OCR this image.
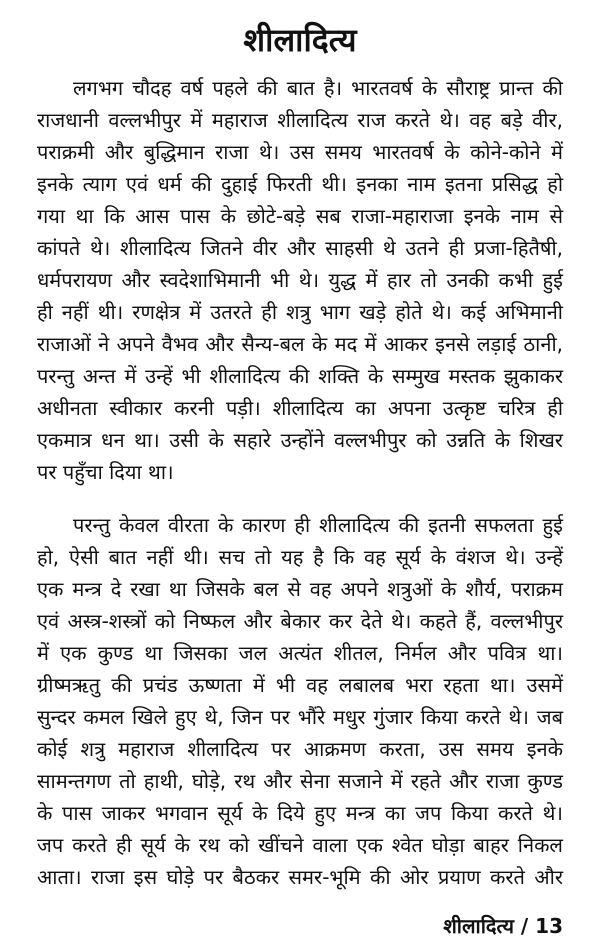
शीलादित्य
लगभग चौदह वर्ष पहले की बात है। भारतवर्ष के सौराष्ट्र प्रान्त की
राजधानी वल्लभीपुर में महाराज शीलादित्य राज करते थे। वह बड़े वीर,
पराक्रमी और बुद्धिमान राजा थे। उस समय भारतवर्ष के कोने-कोने में
इनके त्याग एवं धर्म की दुहाई फिरती थी। इनका नाम इतना प्रसिद्ध हो
गया था कि आस पास के छोटे-बड़े सब राजा-महाराजा इनके नाम से
कांपते थे। शीलादित्य जितने वीर और साहसी थे उतने ही प्रजा-हितैषी,
धर्मपरायण और स्वदेशाभिमानी भी थे। युद्ध में हार तो उनकी कभी हुई
ही नहीं थी। रणक्षेत्र में उतरते ही शत्रु भाग खड़े होते थे। कई अभिमानी
राजाओं ने अपने वैभव और सैन्य-बल के मद में आकर इनसे लड़ाई ठानी,
परन्तु अन्त में उन्हें भी शीलादित्य की शक्ति के सम्मुख मस्तक झुकाकर
अधीनता स्वीकार करनी पड़ी। शीलादित्य का अपना उत्कृष्ट चरित्र ही
एकमात्र धन था। उसी के सहारे उन्होंने वल्लभीपुर को उन्नति के शिखर
पर पहुँचा दिया था।
परन्तु केवल वीरता के कारण ही शीलादित्य की इतनी सफलता हुई
हो, ऐसी बात नहीं थी। सच तो यह है कि वह सूर्य के वंशज थे। उन्हें
एक मन्त्र दे रखा था जिसके बल से वह अपने शत्रुओं के शौर्य, पराक्रम
एवं अस्त्र-शस्त्रों को निष्फल और बेकार कर देते थे। कहते हैं, वल्लभीपुर
में एक कुण्ड था जिसका जल अत्यंत शीतल, निर्मल और पवित्र था।
ग्रीष्मऋतु की प्रचंड ऊष्णता में भी वह लबालब भरा रहता था। उसमें
सुन्दर कमल खिले हुए थे, जिन पर भौंरे मधुर गुंजार किया करते थे। जब
कोई शत्रु महाराज शीलादित्य पर आक्रमण करता, उस समय इनके
सामन्तगण तो हाथी, घोड़े, रथ और सेना सजाने में रहते और राजा कुण्ड
के पास जाकर भगवान सूर्य के दिये हुए मन्त्र का जप किया करते थे।
जप करते ही सूर्य के रथ को खींचने वाला एक श्वेत घोड़ा बाहर निकल
आता। राजा इस घोड़े पर बैठकर समर-भूमि की ओर प्रयाण करते और
शीलादित्य / 13
